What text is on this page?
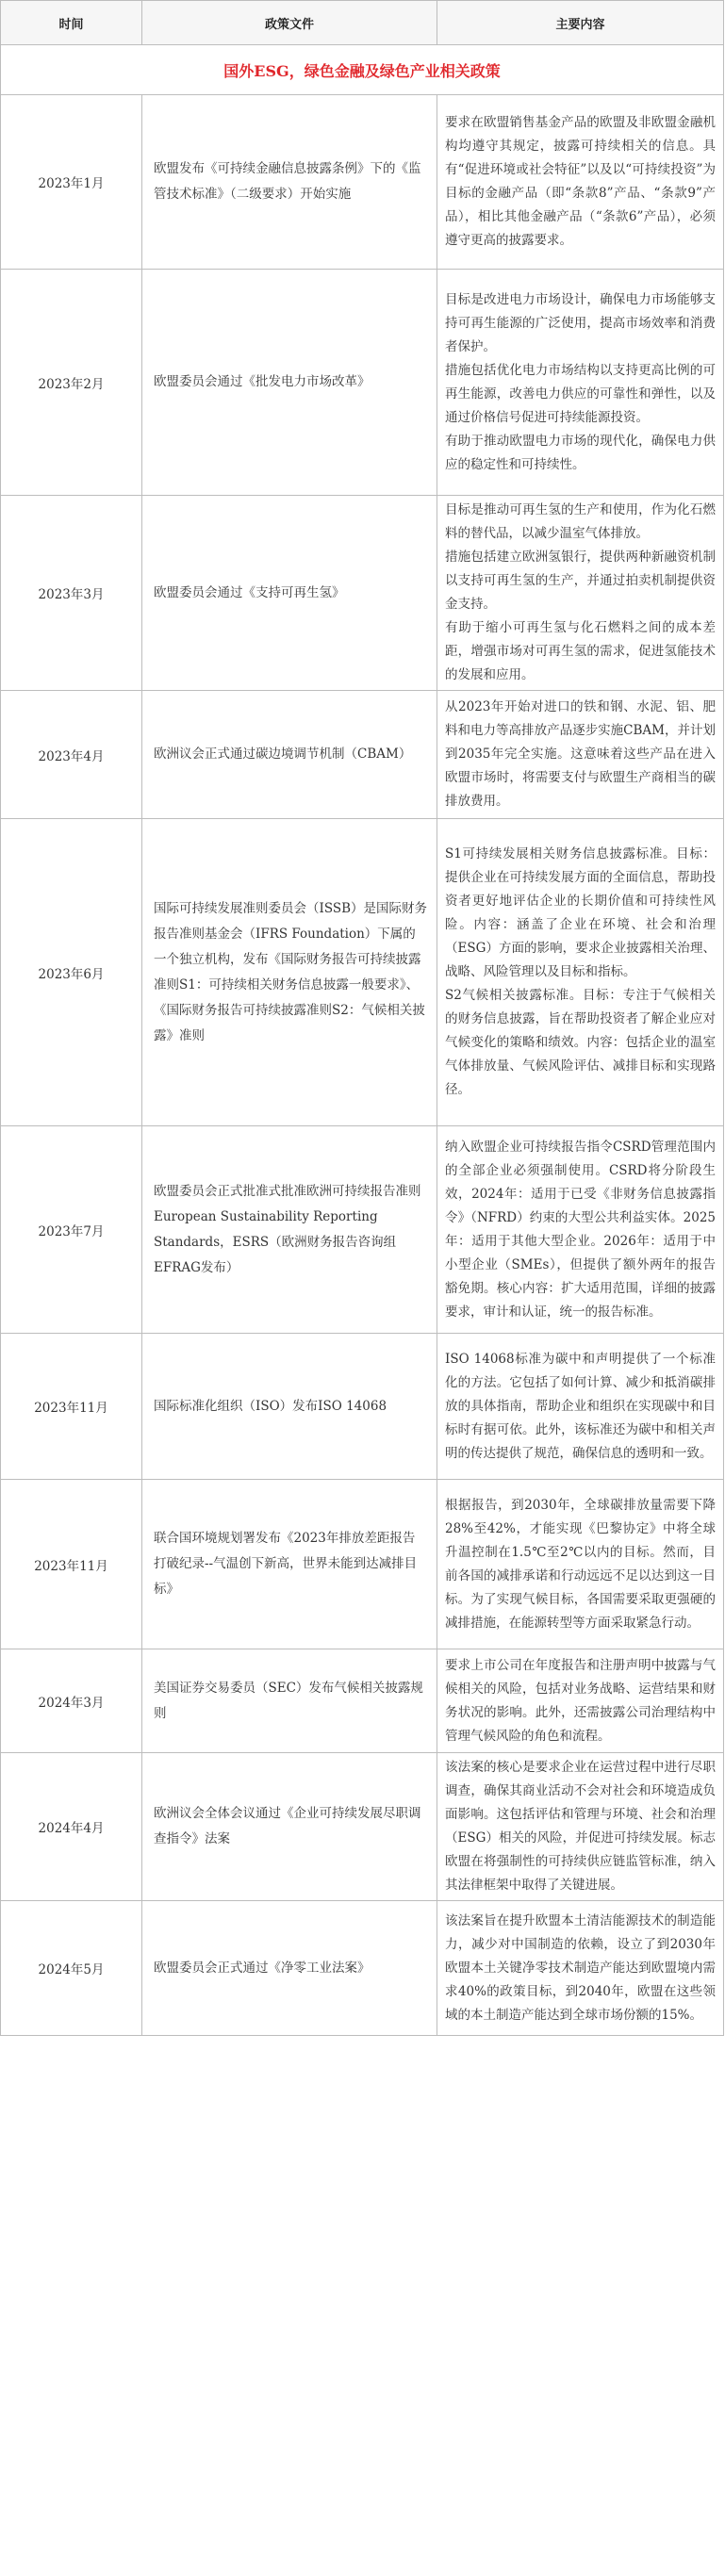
时间	政策文件	主要内容
国外ESG，绿色金融及绿色产业相关政策		
2023年1月	欧盟发布《可持续金融信息披露条例》下的《监管技术标准》（二级要求）开始实施	要求在欧盟销售基金产品的欧盟及非欧盟金融机构均遵守其规定，披露可持续相关的信息。具有“促进环境或社会特征”以及以“可持续投资”为目标的金融产品（即“条款8”产品、“条款9”产品），相比其他金融产品（“条款6”产品），必须遵守更高的披露要求。

2023年2月	欧盟委员会通过《批发电力市场改革》	目标是改进电力市场设计，确保电力市场能够支持可再生能源的广泛使用，提高市场效率和消费者保护。

措施包括优化电力市场结构以支持更高比例的可再生能源，改善电力供应的可靠性和弹性，以及通过价格信号促进可持续能源投资。

有助于推动欧盟电力市场的现代化，确保电力供应的稳定性和可持续性。

2023年3月	欧盟委员会通过《支持可再生氢》	目标是推动可再生氢的生产和使用，作为化石燃料的替代品，以减少温室气体排放。

措施包括建立欧洲氢银行，提供两种新融资机制以支持可再生氢的生产，并通过拍卖机制提供资金支持。

有助于缩小可再生氢与化石燃料之间的成本差距，增强市场对可再生氢的需求，促进氢能技术的发展和应用。

2023年4月	欧洲议会正式通过碳边境调节机制（CBAM）	从2023年开始对进口的铁和钢、水泥、铝、肥料和电力等高排放产品逐步实施CBAM，并计划到2035年完全实施。这意味着这些产品在进入欧盟市场时，将需要支付与欧盟生产商相当的碳排放费用。

2023年6月	国际可持续发展准则委员会（ISSB）是国际财务报告准则基金会（IFRS Foundation）下属的一个独立机构，发布《国际财务报告可持续披露准则S1：可持续相关财务信息披露一般要求》、《国际财务报告可持续披露准则S2：气候相关披露》准则	S1可持续发展相关财务信息披露标准。目标：提供企业在可持续发展方面的全面信息，帮助投资者更好地评估企业的长期价值和可持续性风险。内容：涵盖了企业在环境、社会和治理（ESG）方面的影响，要求企业披露相关治理、战略、风险管理以及目标和指标。

S2气候相关披露标准。目标：专注于气候相关的财务信息披露，旨在帮助投资者了解企业应对气候变化的策略和绩效。内容：包括企业的温室气体排放量、气候风险评估、减排目标和实现路径。

2023年7月	欧盟委员会正式批准式批准欧洲可持续报告准则European Sustainability Reporting Standards，ESRS（欧洲财务报告咨询组EFRAG发布）	纳入欧盟企业可持续报告指令CSRD管理范围内的全部企业必须强制使用。CSRD将分阶段生效，2024年：适用于已受《非财务信息披露指令》（NFRD）约束的大型公共利益实体。2025年：适用于其他大型企业。2026年：适用于中小型企业（SMEs），但提供了额外两年的报告豁免期。核心内容：扩大适用范围，详细的披露要求，审计和认证，统一的报告标准。

2023年11月	国际标准化组织（ISO）发布ISO 14068	ISO 14068标准为碳中和声明提供了一个标准化的方法。它包括了如何计算、减少和抵消碳排放的具体指南，帮助企业和组织在实现碳中和目标时有据可依。此外，该标准还为碳中和相关声明的传达提供了规范，确保信息的透明和一致。

2023年11月	联合国环境规划署发布《2023年排放差距报告打破纪录--气温创下新高，世界未能到达减排目标》	根据报告，到2030年，全球碳排放量需要下降28%至42%，才能实现《巴黎协定》中将全球升温控制在1.5℃至2℃以内的目标。然而，目前各国的减排承诺和行动远远不足以达到这一目标。为了实现气候目标，各国需要采取更强硬的减排措施，在能源转型等方面采取紧急行动。

2024年3月	美国证券交易委员（SEC）发布气候相关披露规则	要求上市公司在年度报告和注册声明中披露与气候相关的风险，包括对业务战略、运营结果和财务状况的影响。此外，还需披露公司治理结构中管理气候风险的角色和流程。

2024年4月	欧洲议会全体会议通过《企业可持续发展尽职调查指令》法案	该法案的核心是要求企业在运营过程中进行尽职调查，确保其商业活动不会对社会和环境造成负面影响。这包括评估和管理与环境、社会和治理（ESG）相关的风险，并促进可持续发展。标志欧盟在将强制性的可持续供应链监管标准，纳入其法律框架中取得了关键进展。

2024年5月	欧盟委员会正式通过《净零工业法案》	该法案旨在提升欧盟本土清洁能源技术的制造能力，减少对中国制造的依赖，设立了到2030年欧盟本土关键净零技术制造产能达到欧盟境内需求40%的政策目标，到2040年，欧盟在这些领域的本土制造产能达到全球市场份额的15%。
